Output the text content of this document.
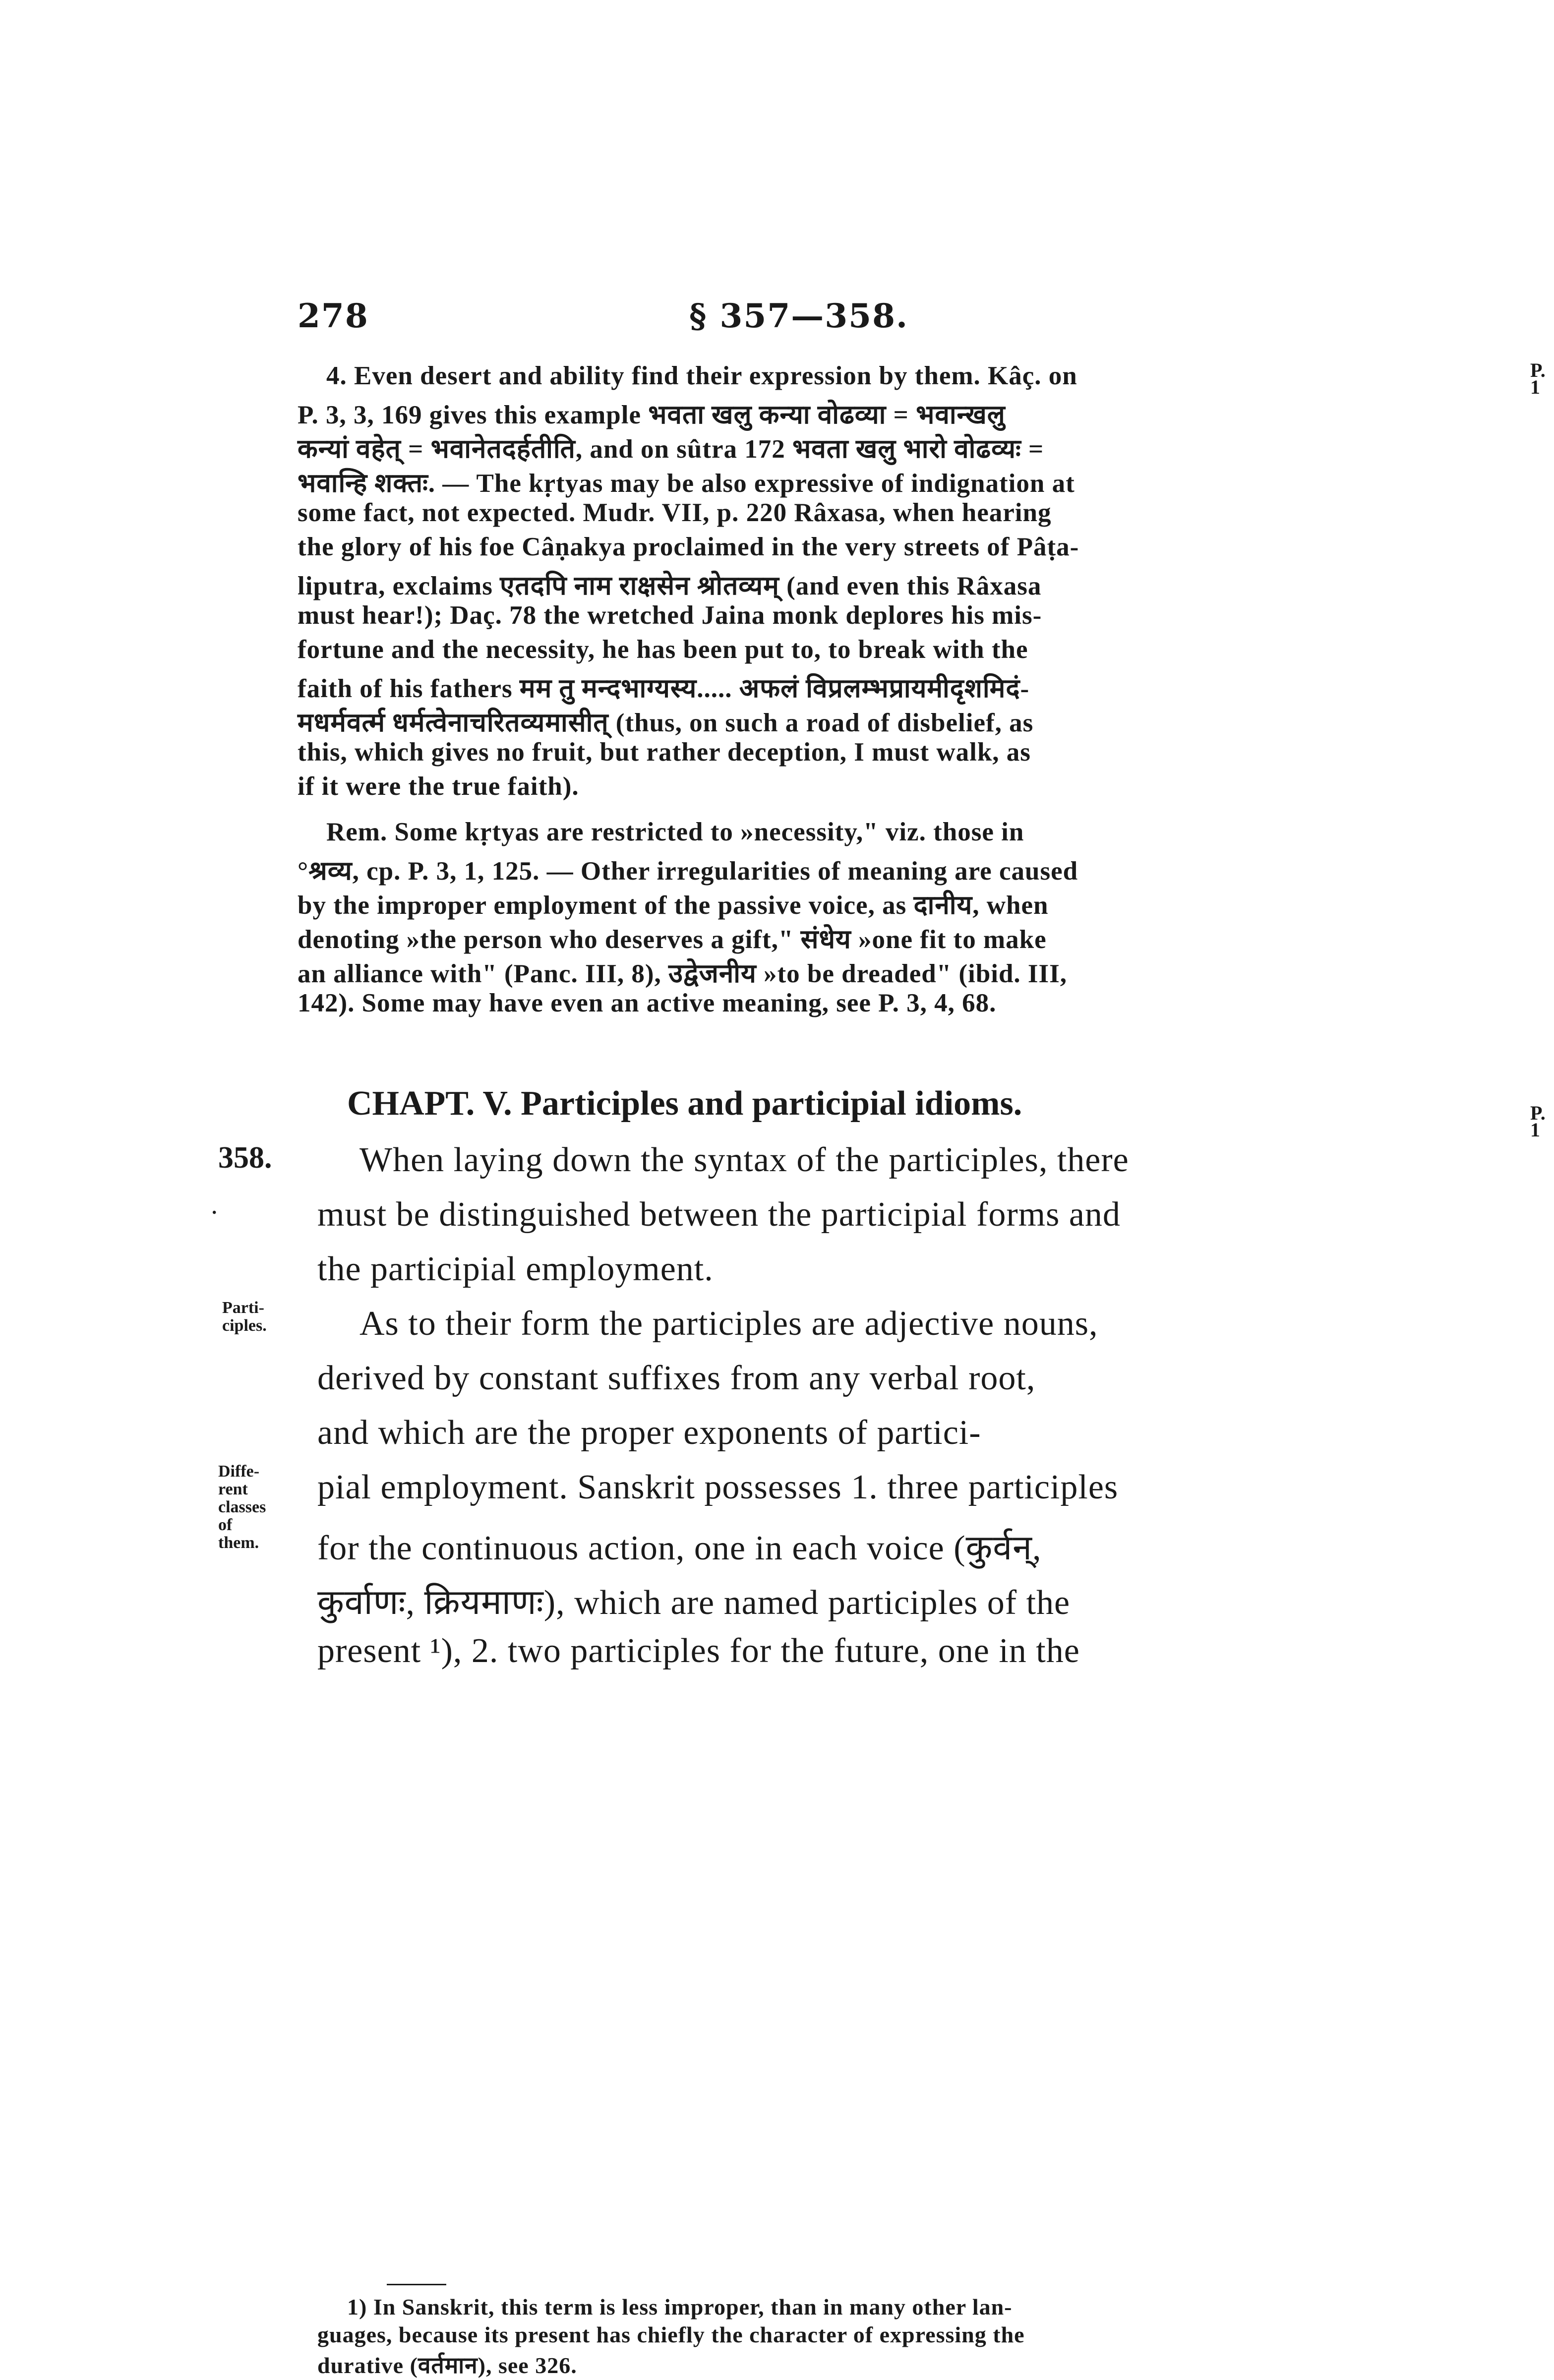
278	§ 357—358.
P.
1
P.
1
4. Even desert and ability find their expression by them. Kâç. on
P. 3, 3, 169 gives this example भवता खलु कन्या वोढव्या = भवान्खलु
कन्यां वहेत् = भवानेतदर्हतीति, and on sûtra 172 भवता खलु भारो वोढव्यः =
भवान्हि शक्तः. — The kṛtyas may be also expressive of indignation at
some fact, not expected. Mudr. VII, p. 220 Râxasa, when hearing
the glory of his foe Câṇakya proclaimed in the very streets of Pâṭa-
liputra, exclaims एतदपि नाम राक्षसेन श्रोतव्यम् (and even this Râxasa
must hear!); Daç. 78 the wretched Jaina monk deplores his mis-
fortune and the necessity, he has been put to, to break with the
faith of his fathers मम तु मन्दभाग्यस्य..... अफलं विप्रलम्भप्रायमीदृशमिदं-
मधर्मवर्त्म धर्मत्वेनाचरितव्यमासीत् (thus, on such a road of disbelief, as
this, which gives no fruit, but rather deception, I must walk, as
if it were the true faith).
Rem. Some kṛtyas are restricted to »necessity," viz. those in
°श्रव्य, cp. P. 3, 1, 125. — Other irregularities of meaning are caused
by the improper employment of the passive voice, as दानीय, when
denoting »the person who deserves a gift," संधेय »one fit to make
an alliance with" (Panc. III, 8), उद्वेजनीय »to be dreaded" (ibid. III,
142). Some may have even an active meaning, see P. 3, 4, 68.
CHAPT. V. Participles and participial idioms.
358.
•
When laying down the syntax of the participles, there
must be distinguished between the participial forms and
the participial employment.
As to their form the participles are adjective nouns,
derived by constant suffixes from any verbal root,
and which are the proper exponents of partici-
pial employment. Sanskrit possesses 1. three participles
for the continuous action, one in each voice (कुर्वन्,
कुर्वाणः, क्रियमाणः), which are named participles of the
present ¹), 2. two participles for the future, one in the
Parti-
ciples.
Diffe-
rent
classes
of
them.
1) In Sanskrit, this term is less improper, than in many other lan-
guages, because its present has chiefly the character of expressing the
durative (वर्तमान), see 326.
